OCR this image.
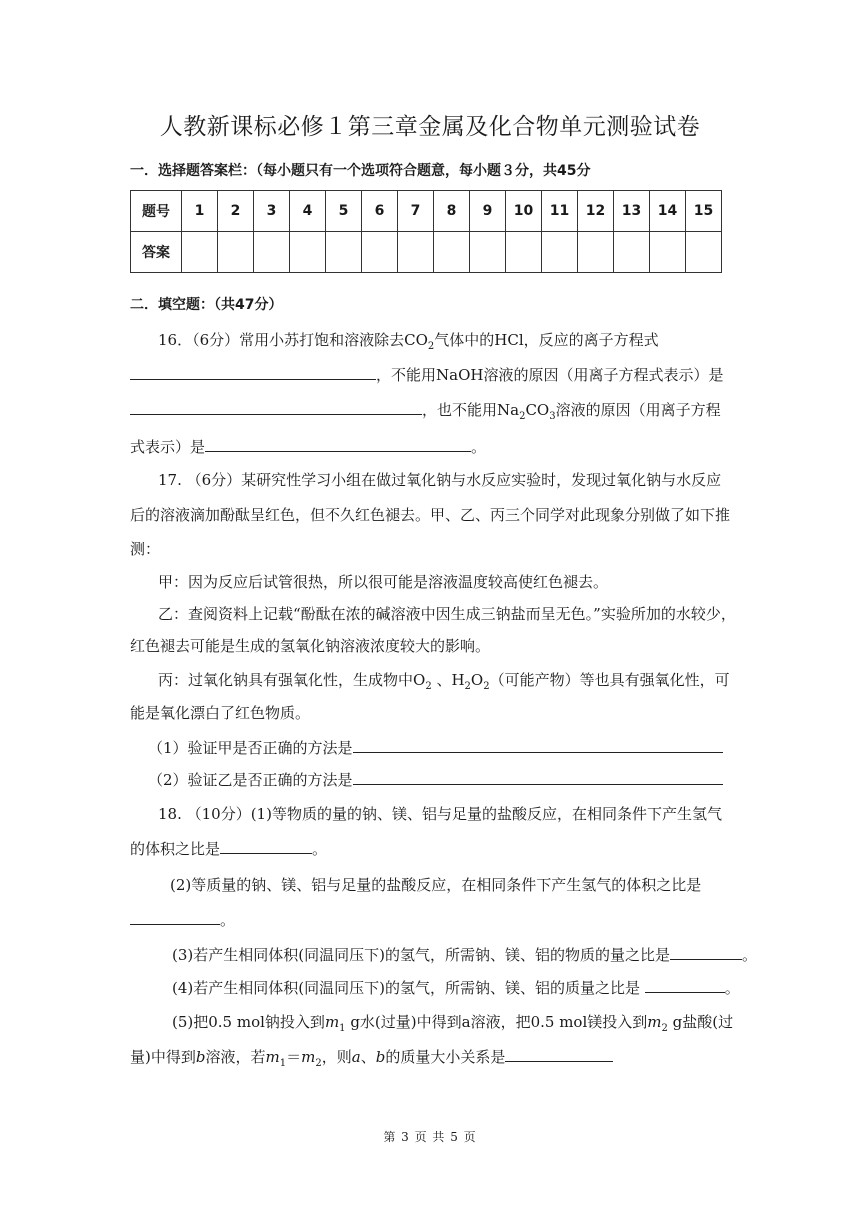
人教新课标必修１第三章金属及化合物单元测验试卷
一．选择题答案栏：（每小题只有一个选项符合题意，每小题３分，共45分
题号	1	2	3	4	5	6	7	8	9	10	11	12	13	14	15
答案															
二．填空题：（共47分）
16．（6分）常用小苏打饱和溶液除去$CO_2$气体中的HCl，反应的离子方程式
，不能用NaOH溶液的原因（用离子方程式表示）是
，也不能用$Na_2CO_3$溶液的原因（用离子方程
式表示）是	。
17. （6分）某研究性学习小组在做过氧化钠与水反应实验时，发现过氧化钠与水反应
后的溶液滴加酚酞呈红色，但不久红色褪去。甲、乙、丙三个同学对此现象分别做了如下推
测：
甲：因为反应后试管很热，所以很可能是溶液温度较高使红色褪去。
乙：查阅资料上记载“酚酞在浓的碱溶液中因生成三钠盐而呈无色。”实验所加的水较少，
红色褪去可能是生成的氢氧化钠溶液浓度较大的影响。
丙：过氧化钠具有强氧化性，生成物中$O_2$ 、$H_2O_2$（可能产物）等也具有强氧化性，可
能是氧化漂白了红色物质。
（1）验证甲是否正确的方法是
（2）验证乙是否正确的方法是
18. （10分）(1)等物质的量的钠、镁、铝与足量的盐酸反应，在相同条件下产生氢气
的体积之比是	。
(2)等质量的钠、镁、铝与足量的盐酸反应，在相同条件下产生氢气的体积之比是
。
(3)若产生相同体积(同温同压下)的氢气，所需钠、镁、铝的物质的量之比是	。
(4)若产生相同体积(同温同压下)的氢气，所需钠、镁、铝的质量之比是	。
(5)把0.5 mol钠投入到$m_1$ g水(过量)中得到a溶液，把0.5 mol镁投入到$m_2$ g盐酸(过
量)中得到b溶液，若$m_1=m_2$，则a、b的质量大小关系是
第 3 页 共 5 页
